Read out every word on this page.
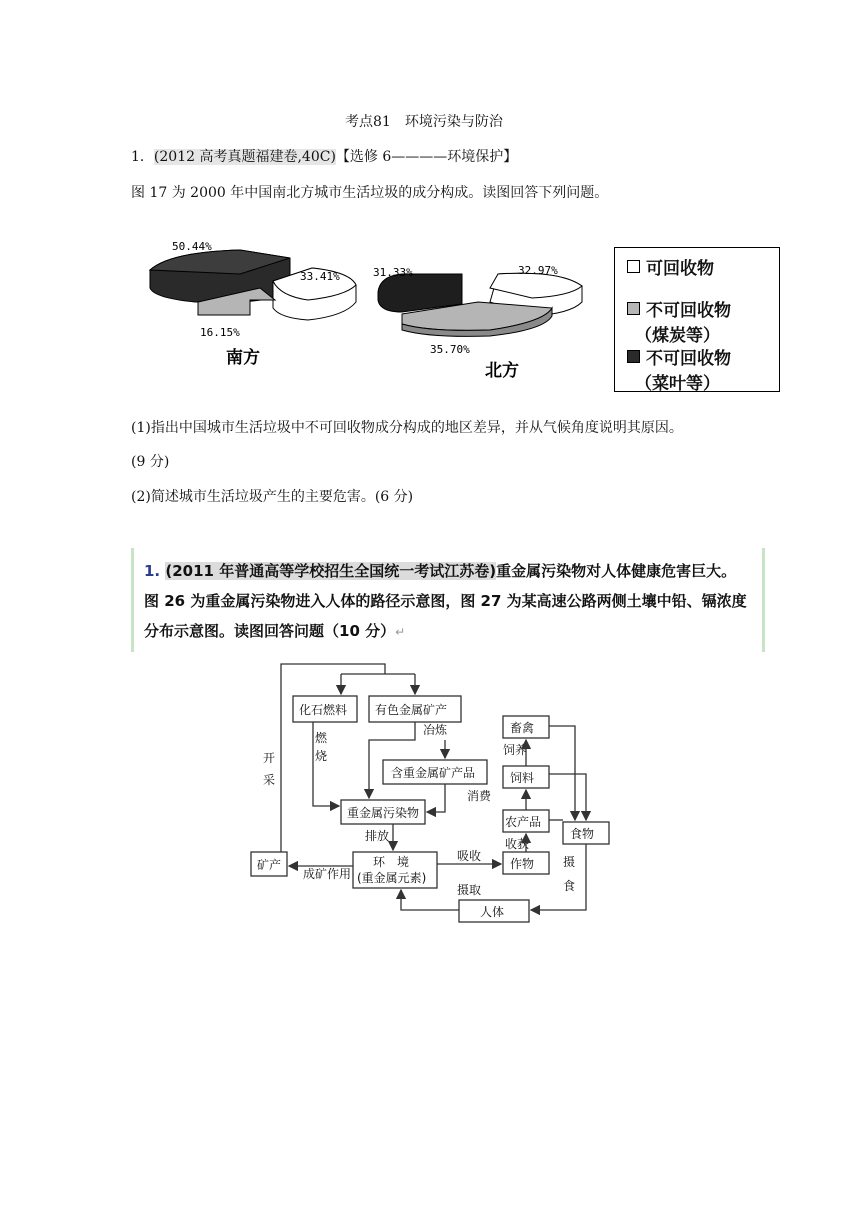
考点81　环境污染与防治
1．(2012 高考真题福建卷,40C)【选修 6————环境保护】
图 17 为 2000 年中国南北方城市生活垃圾的成分构成。读图回答下列问题。
50.44%
33.41%
16.15%
南方
31.33%	32.97%
35.70%
北方
可回收物
不可回收物
（煤炭等）
不可回收物
（菜叶等）
(1)指出中国城市生活垃圾中不可回收物成分构成的地区差异，并从气候角度说明其原因。
(9 分)
(2)简述城市生活垃圾产生的主要危害。(6 分)
1. (2011 年普通高等学校招生全国统一考试江苏卷)重金属污染物对人体健康危害巨大。
图 26 为重金属污染物进入人体的路径示意图，图 27 为某高速公路两侧土壤中铅、镉浓度
分布示意图。读图回答问题（10 分）↵
化石燃料 有色金属矿产
含重金属矿产品
重金属污染物
环　境
(重金属元素)
矿产
畜禽
饲料
农产品
作物
食物
人体
冶炼
燃
烧
消费
排放
开
采
成矿作用
吸收
摄取
收获
饲养
摄
食
